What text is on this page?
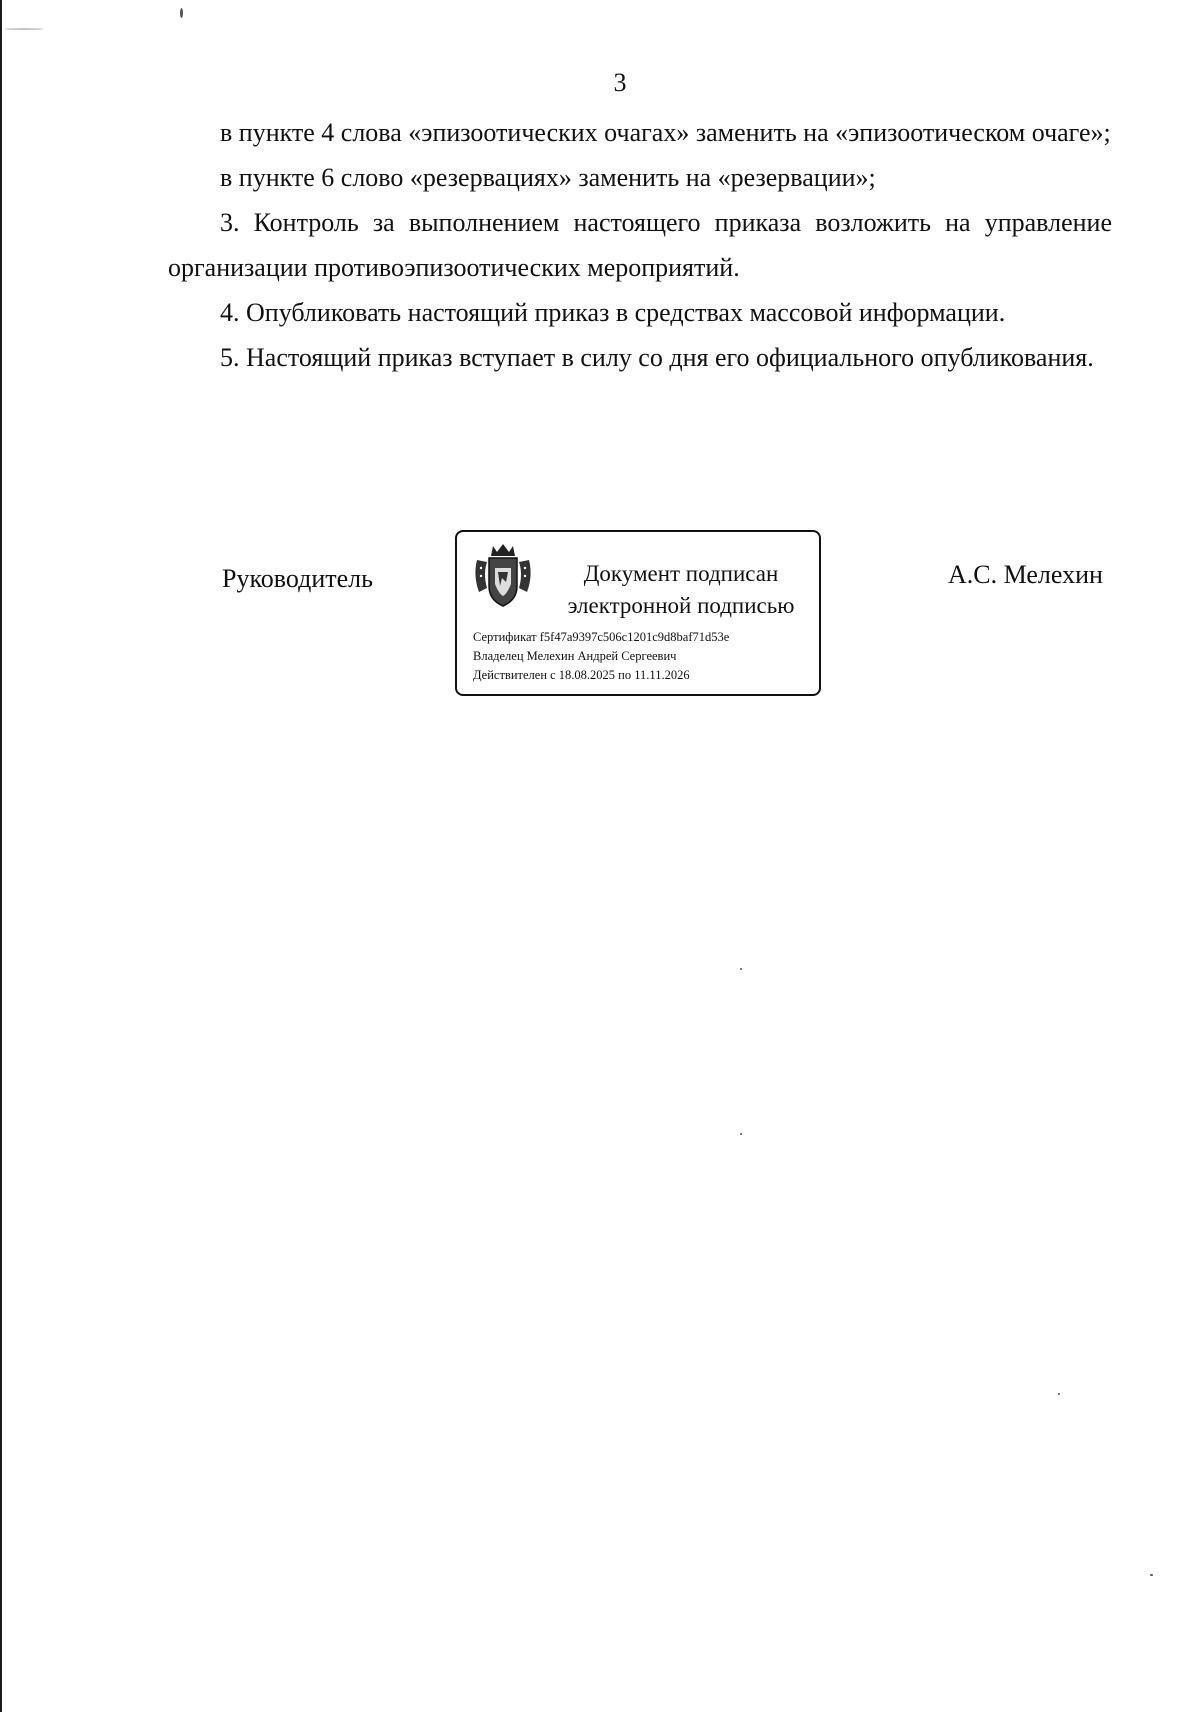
3

в пункте 4 слова «эпизоотических очагах» заменить на «эпизоотическом очаге»;

в пункте 6 слово «резервациях» заменить на «резервации»;

3. Контроль за выполнением настоящего приказа возложить на управление организации противоэпизоотических мероприятий.

4. Опубликовать настоящий приказ в средствах массовой информации.

5. Настоящий приказ вступает в силу со дня его официального опубликования.

Руководитель	Документ подписан
электронной подписью
Сертификат f5f47a9397c506c1201c9d8baf71d53e
Владелец Мелехин Андрей Сергеевич
Действителен с 18.08.2025 по 11.11.2026
А.С. Мелехин
